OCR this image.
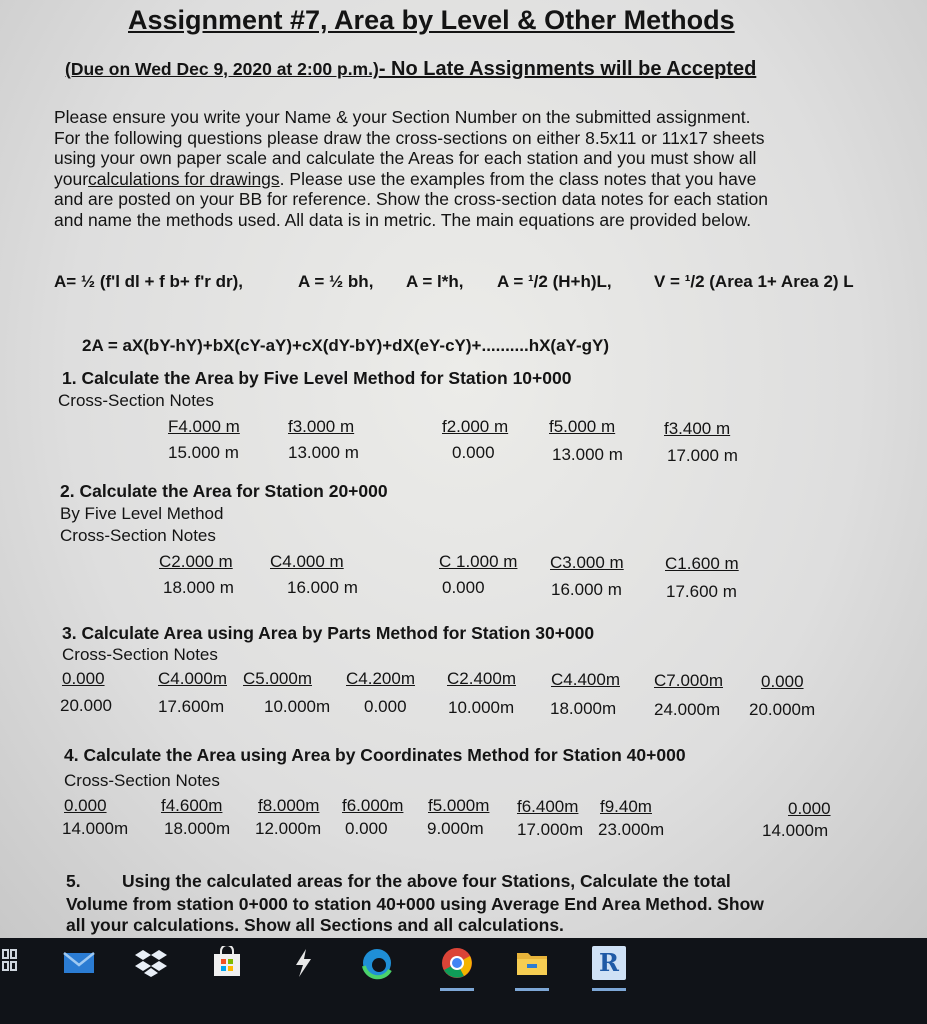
Assignment #7, Area by Level & Other Methods
(Due on Wed Dec 9, 2020 at 2:00 p.m.)- No Late Assignments will be Accepted
Please ensure you write your Name & your Section Number on the submitted assignment.
For the following questions please draw the cross-sections on either 8.5x11 or 11x17 sheets
using your own paper scale and calculate the Areas for each station and you must show all
yourcalculations for drawings. Please use the examples from the class notes that you have
and are posted on your BB for reference. Show the cross-section data notes for each station
and name the methods used. All data is in metric. The main equations are provided below.
A= ½ (f'l dl + f b+ f'r dr),	A = ½ bh, A = l*h, A = ¹/2 (H+h)L, V = ¹/2 (Area 1+ Area 2) L
2A = aX(bY-hY)+bX(cY-aY)+cX(dY-bY)+dX(eY-cY)+..........hX(aY-gY)
1. Calculate the Area by Five Level Method for Station 10+000
Cross-Section Notes
F4.000 m	f3.000 m	f2.000 m f5.000 m	f3.400 m
15.000 m	13.000 m	0.000	13.000 m	17.000 m
2. Calculate the Area for Station 20+000
By Five Level Method
Cross-Section Notes
C2.000 m C4.000 m	C 1.000 m C3.000 m C1.600 m
18.000 m	16.000 m	0.000	16.000 m	17.600 m
3. Calculate Area using Area by Parts Method for Station 30+000
Cross-Section Notes
0.000	C4.000m C5.000m C4.200m C2.400m C4.400m C7.000m 0.000
20.000	17.600m 10.000m 0.000 10.000m 18.000m 24.000m 20.000m
4. Calculate the Area using Area by Coordinates Method for Station 40+000
Cross-Section Notes
0.000	f4.600m f8.000m f6.000m f5.000m f6.400m f9.40m	0.000
14.000m 18.000m 12.000m 0.000 9.000m 17.000m 23.000m	14.000m
5. Using the calculated areas for the above four Stations, Calculate the total
Volume from station 0+000 to station 40+000 using Average End Area Method. Show
all your calculations. Show all Sections and all calculations.
R
